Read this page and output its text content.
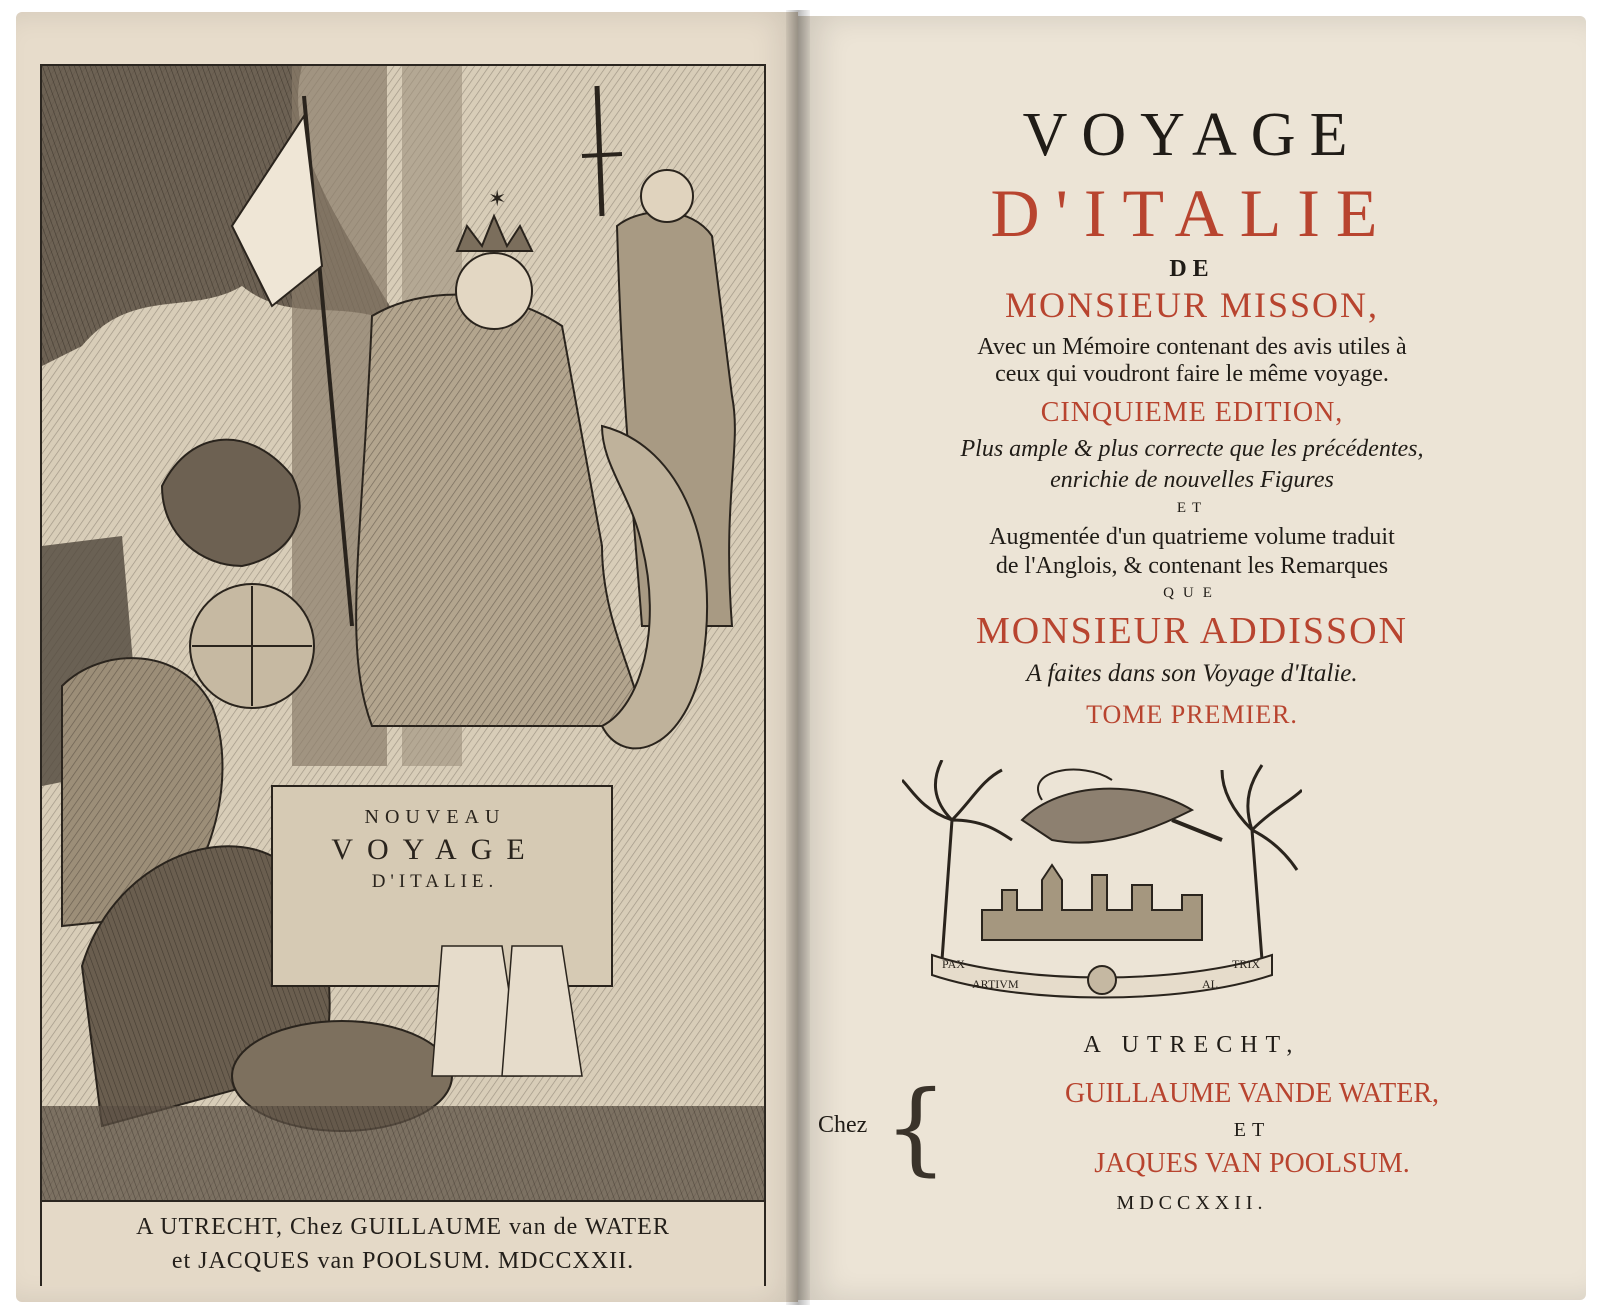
✶
NOUVEAU
VOYAGE
D'ITALIE.
A UTRECHT, Chez GUILLAUME van de WATER
et JACQUES van POOLSUM. MDCCXXII.
VOYAGE
D'ITALIE
DE
MONSIEUR MISSON,
Avec un Mémoire contenant des avis utiles à
ceux qui voudront faire le même voyage.
CINQUIEME EDITION,
Plus ample & plus correcte que les précédentes,
enrichie de nouvelles Figures
ET
Augmentée d'un quatrieme volume traduit
de l'Anglois, & contenant les Remarques
QUE
MONSIEUR ADDISSON
A faites dans son Voyage d'Italie.
TOME PREMIER.
PAX	TRIX
ARTIVM	AL
A UTRECHT,
Chez {	GUILLAUME VANDE WATER,
ET
JAQUES VAN POOLSUM.
MDCCXXII.
